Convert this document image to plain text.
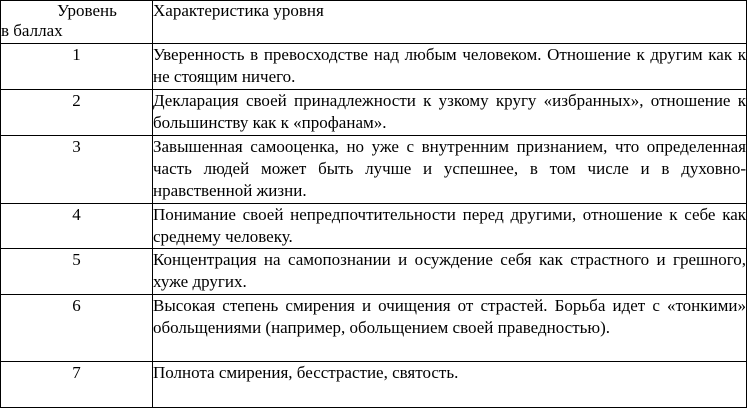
Уровень
в баллах	Характеристика уровня
1	Уверенность в превосходстве над любым человеком. Отношение к другим как к не стоящим ничего.
2	Декларация своей принадлежности к узкому кругу «избранных», отношение к большинству как к «профанам».
3	Завышенная самооценка, но уже с внутренним признанием, что определенная часть людей может быть лучше и успешнее, в том числе и в духовно-нравственной жизни.
4	Понимание своей непредпочтительности перед другими, отношение к себе как среднему человеку.
5	Концентрация на самопознании и осуждение себя как страстного и грешного, хуже других.
6	Высокая степень смирения и очищения от страстей. Борьба идет с «тонкими» обольщениями (например, обольщением своей праведностью).
7	Полнота смирения, бесстрастие, святость.
